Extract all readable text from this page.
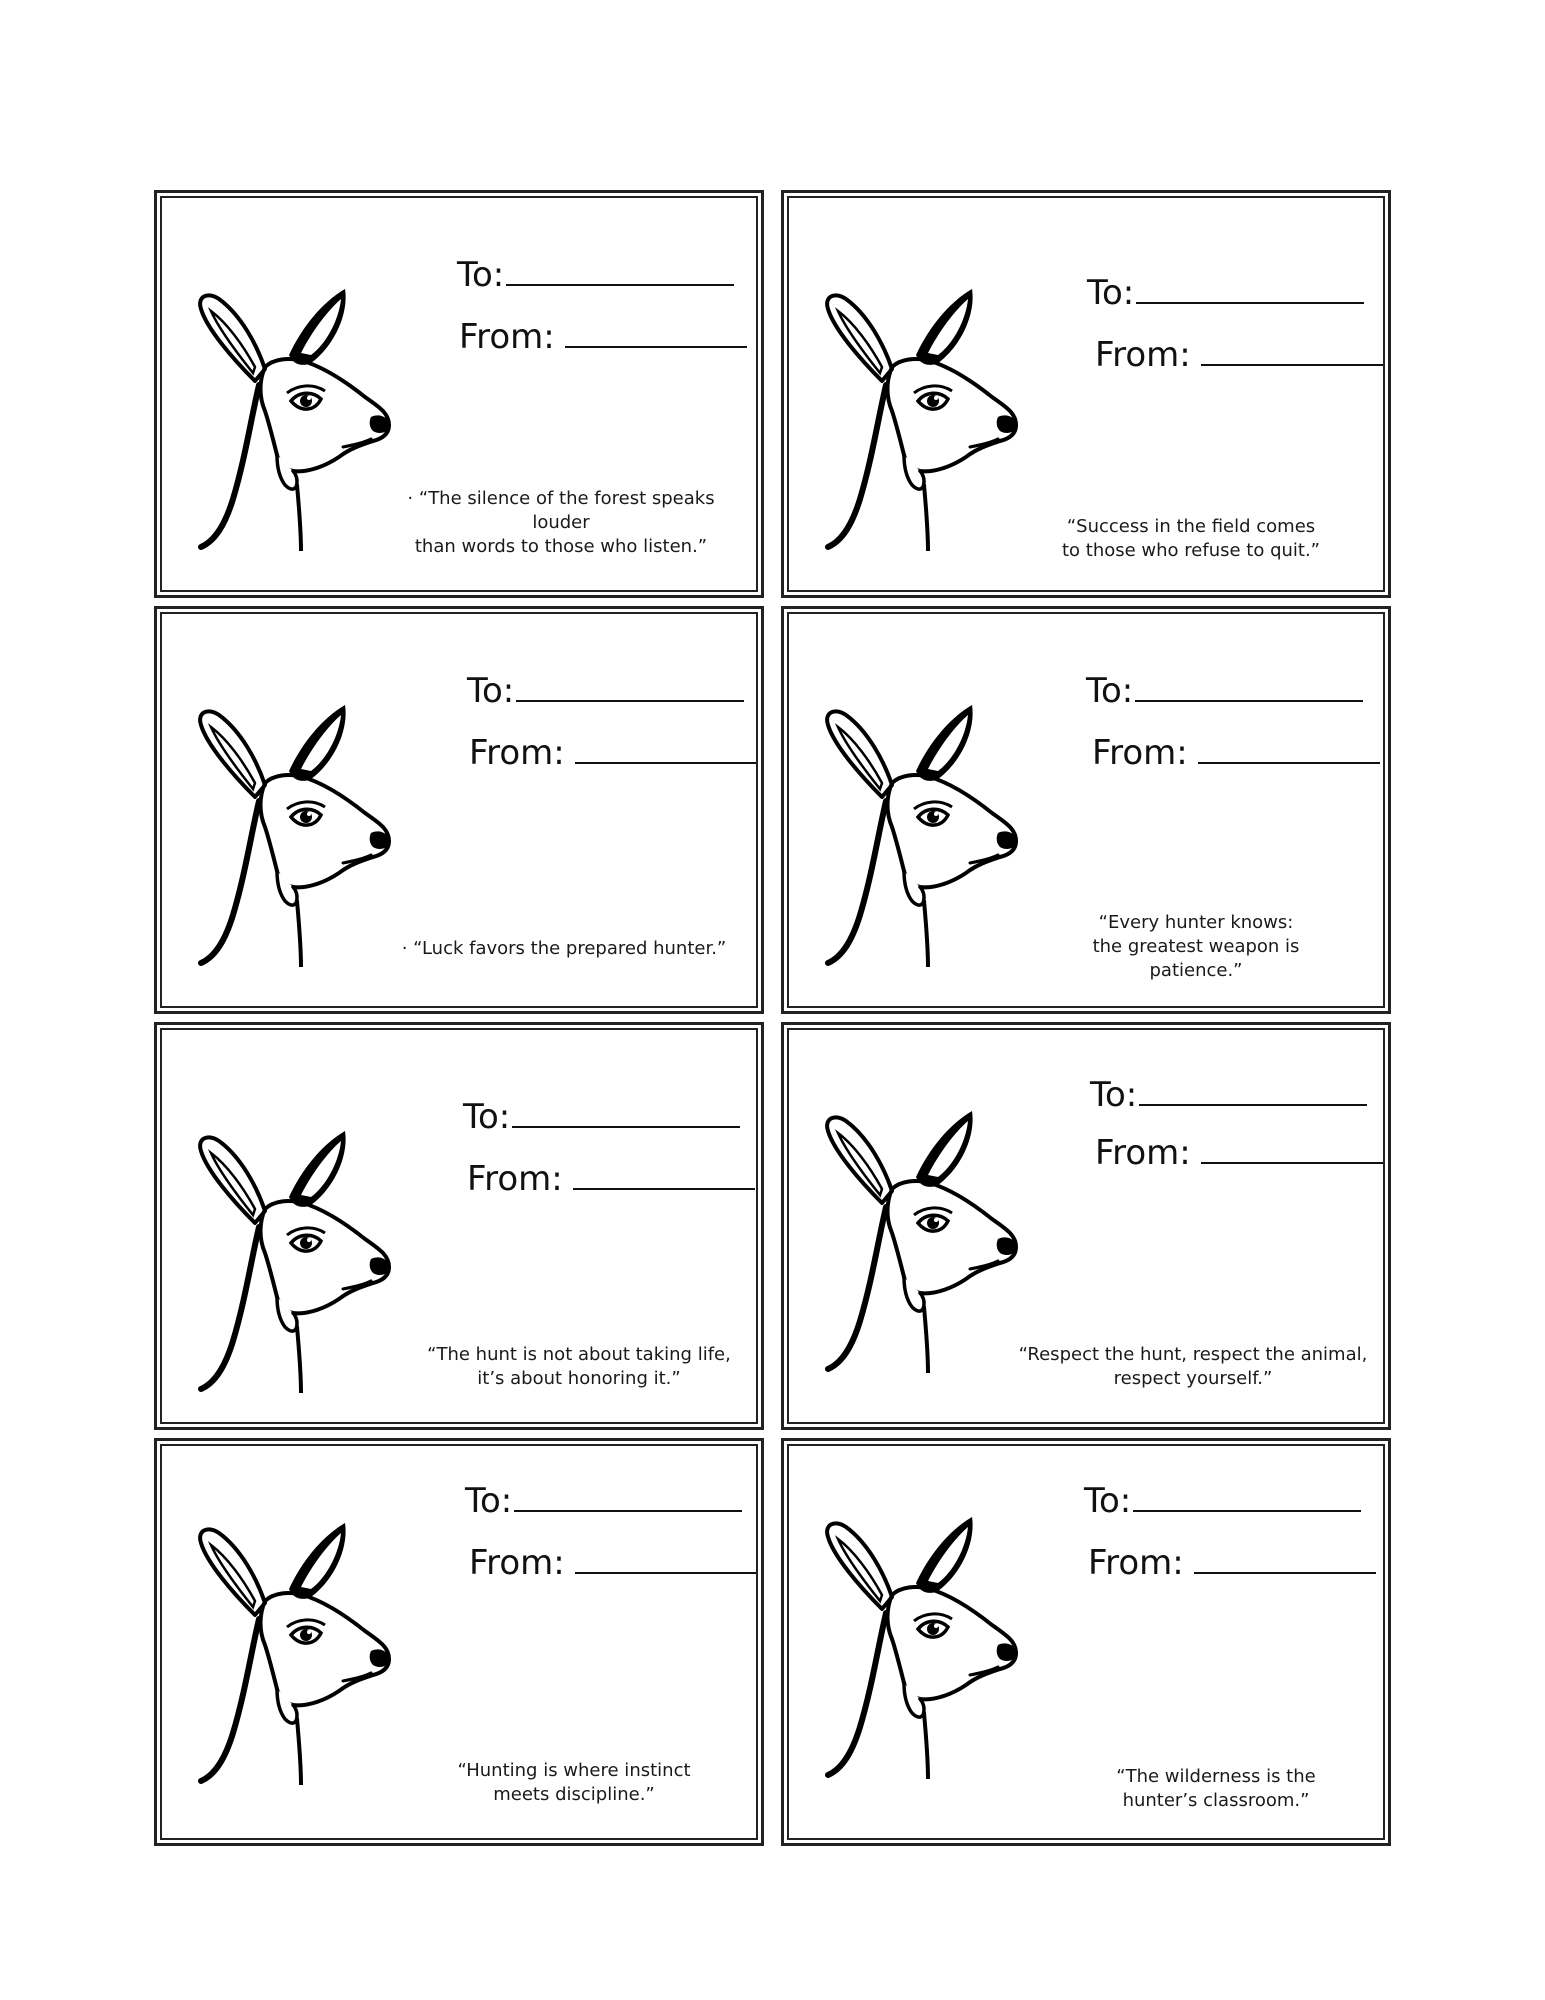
To:
From:
· “The silence of the forest speaks louder
than words to those who listen.”
To:
From:
“Success in the field comes
to those who refuse to quit.”
To:
From:
· “Luck favors the prepared hunter.”
To:
From:
“Every hunter knows:
the greatest weapon is
patience.”
To:
From:
“The hunt is not about taking life,
it’s about honoring it.”
To:
From:
“Respect the hunt, respect the animal,
respect yourself.”
To:
From:
“Hunting is where instinct
meets discipline.”
To:
From:
“The wilderness is the
hunter’s classroom.”
